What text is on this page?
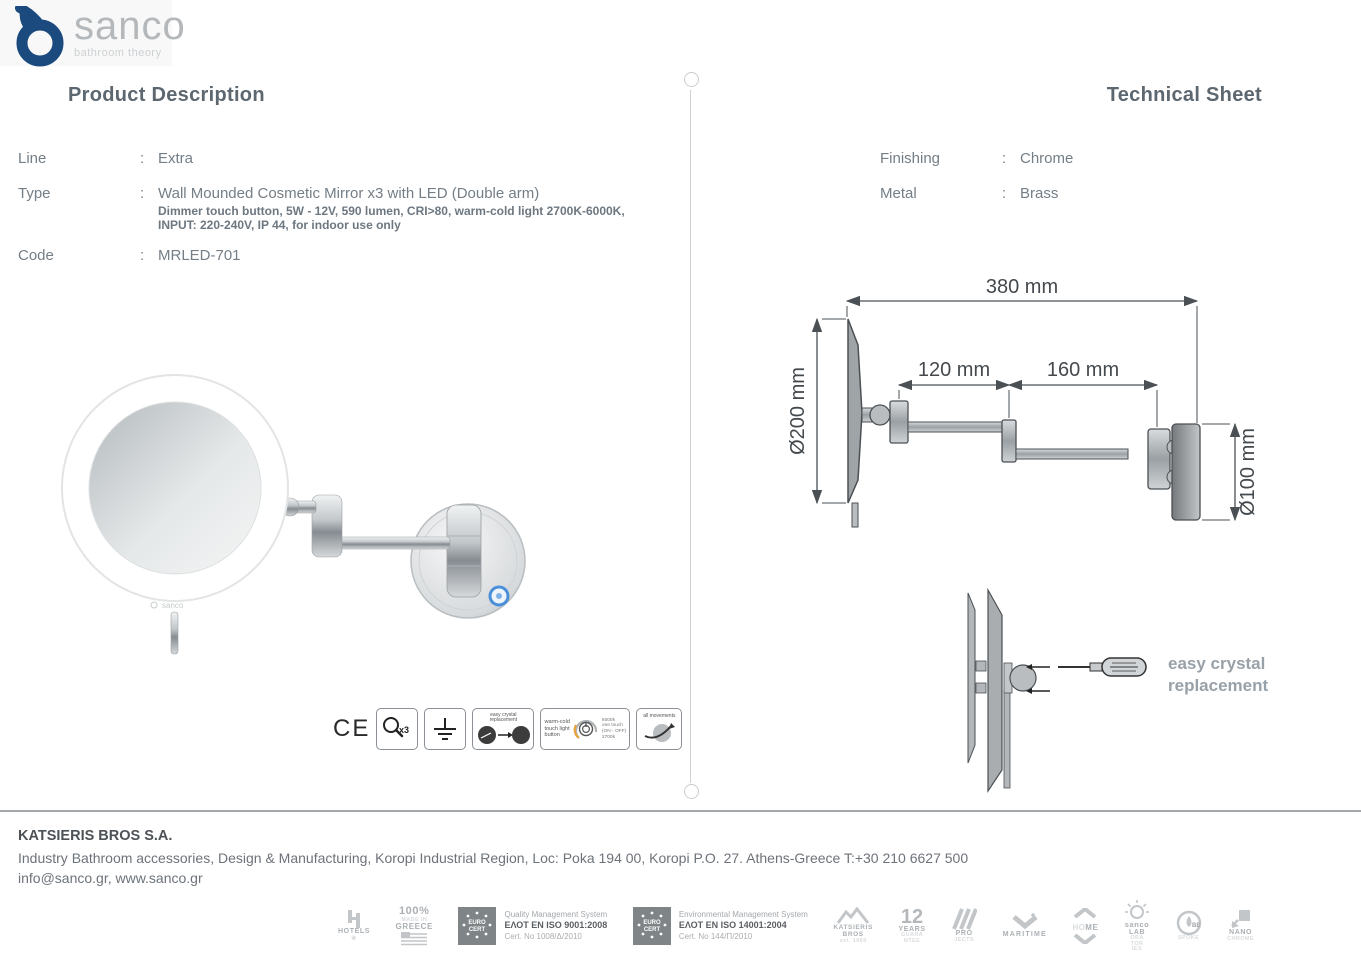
sanco
bathroom theory
Product Description	Technical Sheet
Line	: Extra
Type	: Wall Mounded Cosmetic Mirror x3 with LED (Double arm)
Dimmer touch button, 5W - 12V, 590 lumen, CRI>80, warm-cold light 2700K-6000K,
INPUT: 220-240V, IP 44, for indoor use only
Code	: MRLED-701
Finishing	: Chrome
Metal	: Brass
sanco
CE	x3
easy crystal
replacement	warm-cold
touch light
button
6000k
one touch
(ON - OFF)
2700k
all movements
380 mm
Ø200 mm	120 mm	160 mm
Ø100 mm
easy crystal
replacement
KATSIERIS BROS S.A.
Industry Bathroom accessories, Design & Manufacturing, Koropi Industrial Region, Loc: Poka 194 00, Koropi P.O. 27. Athens-Greece T:+30 210 6627 500
info@sanco.gr, www.sanco.gr
HOTELS
★
100%
MADE IN
GREECE	EURO
CERT
Quality Management System
ΕΛΟΤ EN ISO 9001:2008
Cert. No 1008/Δ/2010
EURO
CERT
Environmental Management System
ΕΛΟΤ EN ISO 14001:2004
Cert. No 144/Π/2010
KATSIERIS
BROS
est. 1969
12
YEARS
GUARA
NTEE
PRO
JECTS
MARITIME
HOME	sanco
LAB
ORA
TOR
IES
BE
SPOKE
NANO
CHROME
